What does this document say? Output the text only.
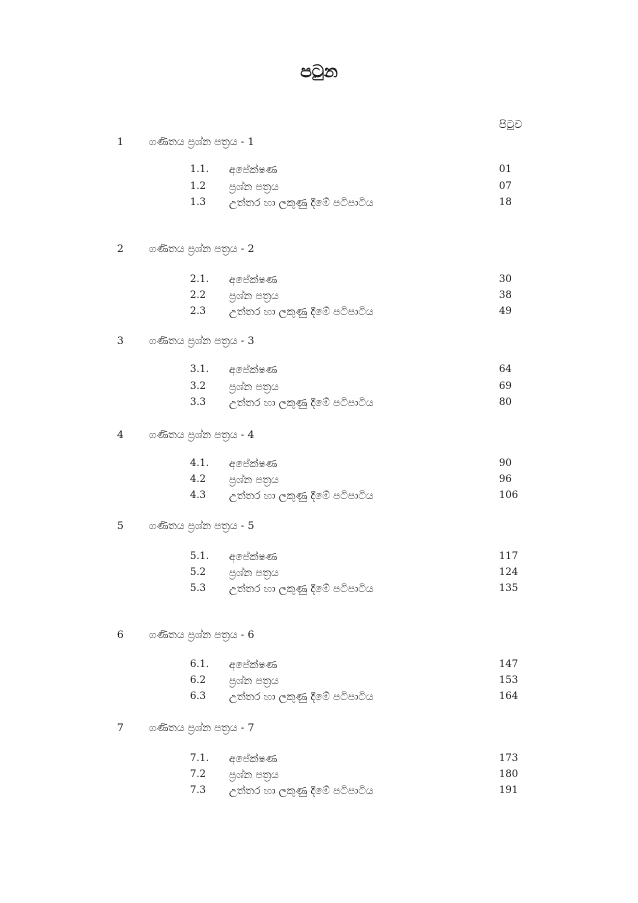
පටුන
පිටුව
1 ගණිතය ප්‍රශ්න පත්‍රය - 1
1.1. අපේක්ෂණ	01
1.2 ප්‍රශ්න පත්‍රය	07
1.3 උත්තර හා ලකුණු දීමේ පටිපාටිය	18
2 ගණිතය ප්‍රශ්න පත්‍රය - 2
2.1. අපේක්ෂණ	30
2.2 ප්‍රශ්න පත්‍රය	38
2.3 උත්තර හා ලකුණු දීමේ පටිපාටිය	49
3 ගණිතය ප්‍රශ්න පත්‍රය - 3
3.1. අපේක්ෂණ	64
3.2 ප්‍රශ්න පත්‍රය	69
3.3 උත්තර හා ලකුණු දීමේ පටිපාටිය	80
4 ගණිතය ප්‍රශ්න පත්‍රය - 4
4.1. අපේක්ෂණ	90
4.2 ප්‍රශ්න පත්‍රය	96
4.3 උත්තර හා ලකුණු දීමේ පටිපාටිය	106
5 ගණිතය ප්‍රශ්න පත්‍රය - 5
5.1. අපේක්ෂණ	117
5.2 ප්‍රශ්න පත්‍රය	124
5.3 උත්තර හා ලකුණු දීමේ පටිපාටිය	135
6 ගණිතය ප්‍රශ්න පත්‍රය - 6
6.1. අපේක්ෂණ	147
6.2 ප්‍රශ්න පත්‍රය	153
6.3 උත්තර හා ලකුණු දීමේ පටිපාටිය	164
7 ගණිතය ප්‍රශ්න පත්‍රය - 7
7.1. අපේක්ෂණ	173
7.2 ප්‍රශ්න පත්‍රය	180
7.3 උත්තර හා ලකුණු දීමේ පටිපාටිය	191
